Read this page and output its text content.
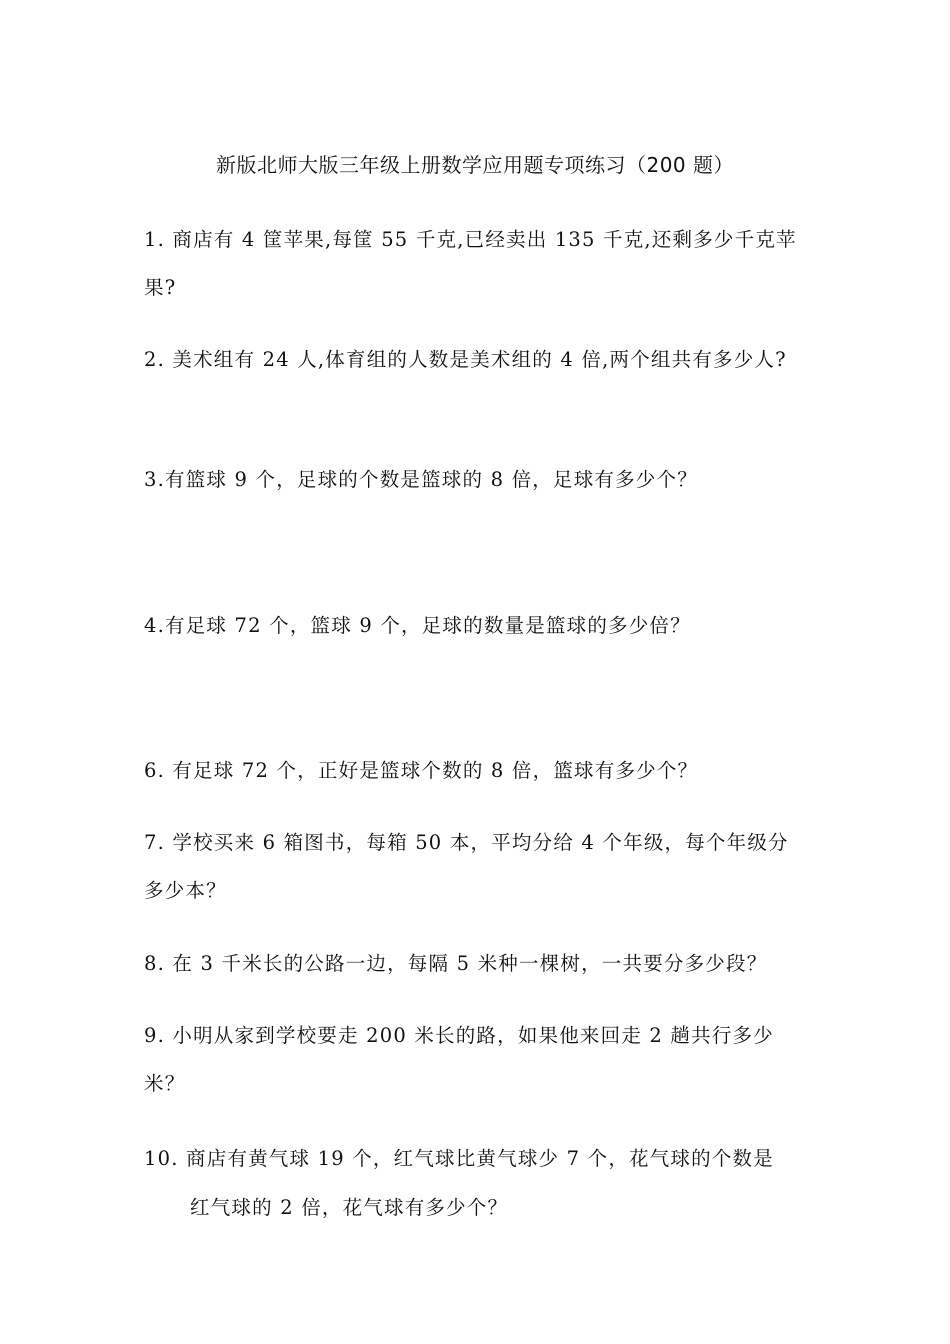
新版北师大版三年级上册数学应用题专项练习（200 题）

1. 商店有 4 筐苹果,每筐 55 千克,已经卖出 135 千克,还剩多少千克苹果?

2. 美术组有 24 人,体育组的人数是美术组的 4 倍,两个组共有多少人?

3.有篮球 9 个，足球的个数是篮球的 8 倍，足球有多少个？

4.有足球 72 个，篮球 9 个，足球的数量是篮球的多少倍？

6. 有足球 72 个，正好是篮球个数的 8 倍，篮球有多少个？

7. 学校买来 6 箱图书，每箱 50 本，平均分给 4 个年级，每个年级分多少本？

8. 在 3 千米长的公路一边，每隔 5 米种一棵树，一共要分多少段？

9. 小明从家到学校要走 200 米长的路，如果他来回走 2 趟共行多少米？

10. 商店有黄气球 19 个，红气球比黄气球少 7 个，花气球的个数是
红气球的 2 倍，花气球有多少个？
